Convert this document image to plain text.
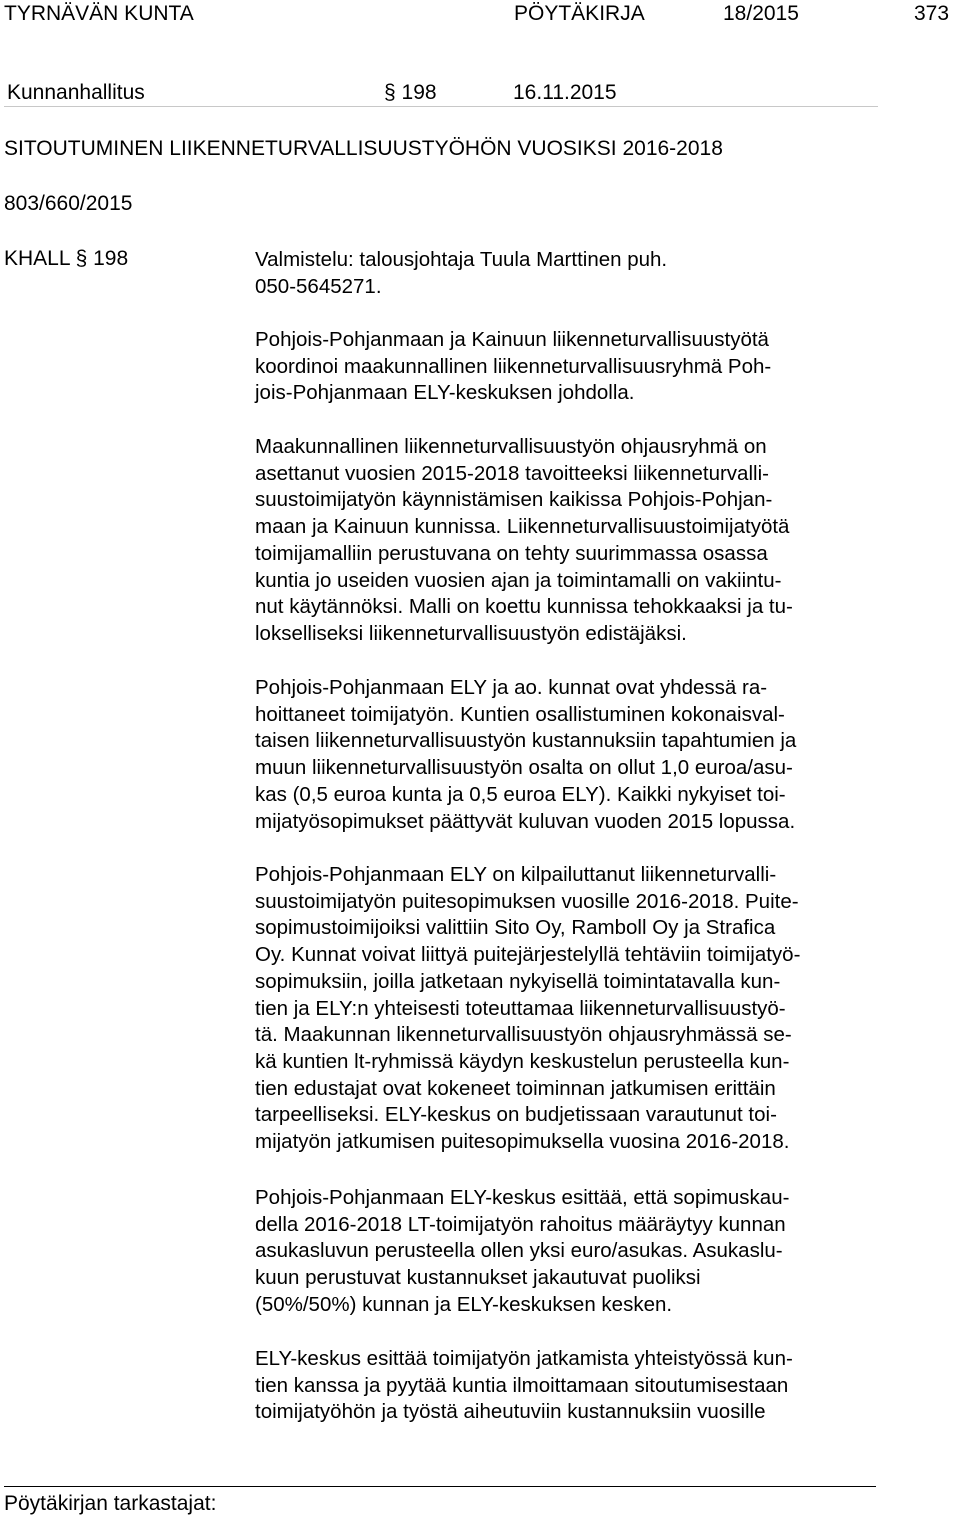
TYRNÄVÄN KUNTA	PÖYTÄKIRJA	18/2015	373
Kunnanhallitus	§ 198	16.11.2015
SITOUTUMINEN LIIKENNETURVALLISUUSTYÖHÖN VUOSIKSI 2016-2018
803/660/2015
KHALL § 198	Valmistelu: talousjohtaja Tuula Marttinen puh.
050-5645271.
Pohjois-Pohjanmaan ja Kainuun liikenneturvallisuustyötä
koordinoi maakunnallinen liikenneturvallisuusryhmä Poh-
jois-Pohjanmaan ELY-keskuksen johdolla.
Maakunnallinen liikenneturvallisuustyön ohjausryhmä on
asettanut vuosien 2015-2018 tavoitteeksi liikenneturvalli-
suustoimijatyön käynnistämisen kaikissa Pohjois-Pohjan-
maan ja Kainuun kunnissa. Liikenneturvallisuustoimijatyötä
toimijamalliin perustuvana on tehty suurimmassa osassa
kuntia jo useiden vuosien ajan ja toimintamalli on vakiintu-
nut käytännöksi. Malli on koettu kunnissa tehokkaaksi ja tu-
lokselliseksi liikenneturvallisuustyön edistäjäksi.
Pohjois-Pohjanmaan ELY ja ao. kunnat ovat yhdessä ra-
hoittaneet toimijatyön. Kuntien osallistuminen kokonaisval-
taisen liikenneturvallisuustyön kustannuksiin tapahtumien ja
muun liikenneturvallisuustyön osalta on ollut 1,0 euroa/asu-
kas (0,5 euroa kunta ja 0,5 euroa ELY). Kaikki nykyiset toi-
mijatyösopimukset päättyvät kuluvan vuoden 2015 lopussa.
Pohjois-Pohjanmaan ELY on kilpailuttanut liikenneturvalli-
suustoimijatyön puitesopimuksen vuosille 2016-2018. Puite-
sopimustoimijoiksi valittiin Sito Oy, Ramboll Oy ja Strafica
Oy. Kunnat voivat liittyä puitejärjestelyllä tehtäviin toimijatyö-
sopimuksiin, joilla jatketaan nykyisellä toimintatavalla kun-
tien ja ELY:n yhteisesti toteuttamaa liikenneturvallisuustyö-
tä. Maakunnan likenneturvallisuustyön ohjausryhmässä se-
kä kuntien lt-ryhmissä käydyn keskustelun perusteella kun-
tien edustajat ovat kokeneet toiminnan jatkumisen erittäin
tarpeelliseksi. ELY-keskus on budjetissaan varautunut toi-
mijatyön jatkumisen puitesopimuksella vuosina 2016-2018.
Pohjois-Pohjanmaan ELY-keskus esittää, että sopimuskau-
della 2016-2018 LT-toimijatyön rahoitus määräytyy kunnan
asukasluvun perusteella ollen yksi euro/asukas. Asukaslu-
kuun perustuvat kustannukset jakautuvat puoliksi
(50%/50%) kunnan ja ELY-keskuksen kesken.
ELY-keskus esittää toimijatyön jatkamista yhteistyössä kun-
tien kanssa ja pyytää kuntia ilmoittamaan sitoutumisestaan
toimijatyöhön ja työstä aiheutuviin kustannuksiin vuosille
Pöytäkirjan tarkastajat:
